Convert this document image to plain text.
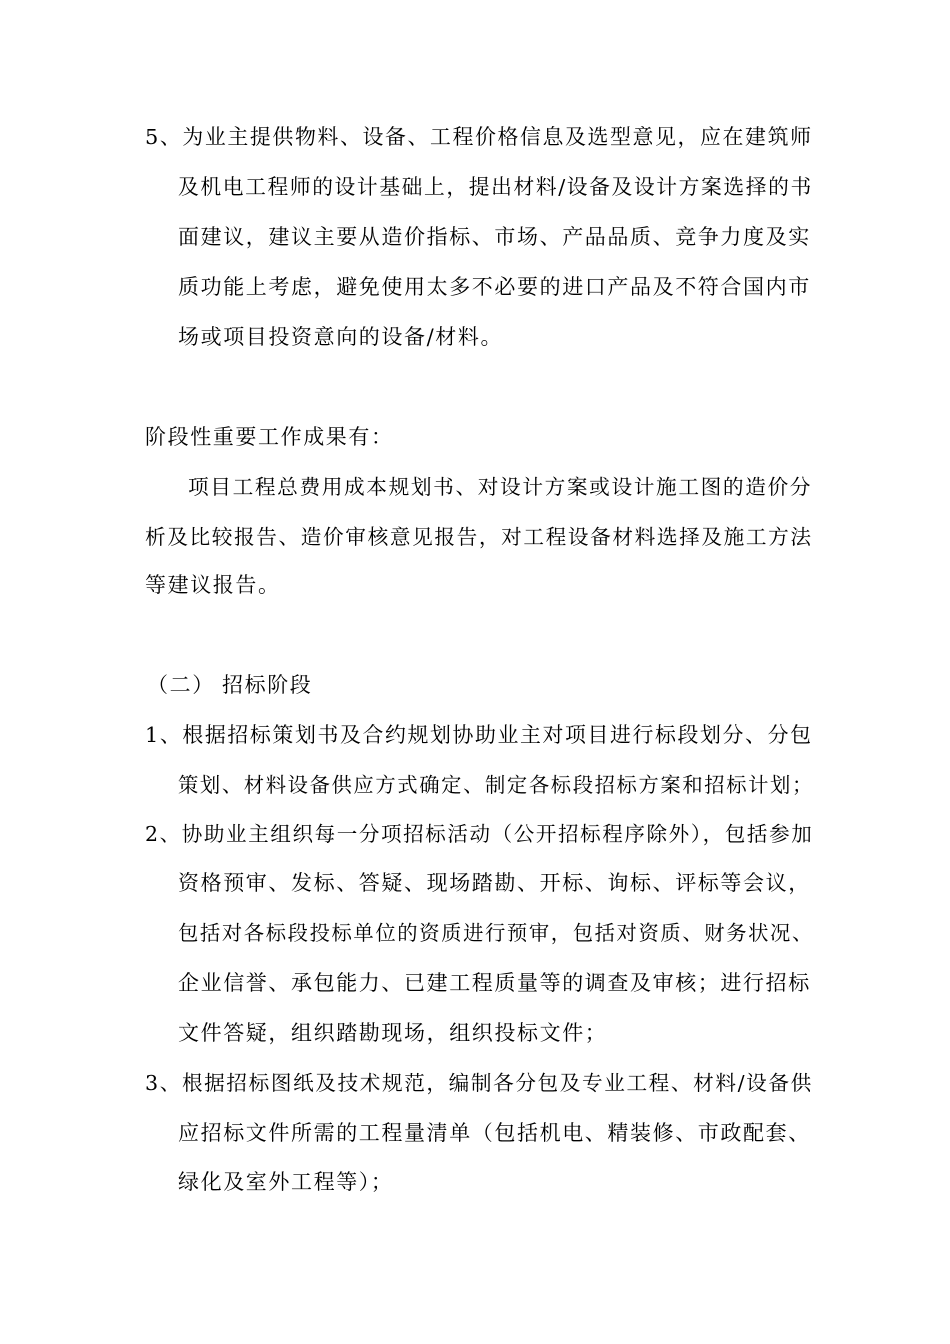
5、为业主提供物料、设备、工程价格信息及选型意见，应在建筑师
及机电工程师的设计基础上，提出材料/设备及设计方案选择的书
面建议，建议主要从造价指标、市场、产品品质、竞争力度及实
质功能上考虑，避免使用太多不必要的进口产品及不符合国内市
场或项目投资意向的设备/材料。
阶段性重要工作成果有：
项目工程总费用成本规划书、对设计方案或设计施工图的造价分
析及比较报告、造价审核意见报告，对工程设备材料选择及施工方法
等建议报告。
（二） 招标阶段
1、根据招标策划书及合约规划协助业主对项目进行标段划分、分包
策划、材料设备供应方式确定、制定各标段招标方案和招标计划；
2、协助业主组织每一分项招标活动（公开招标程序除外），包括参加
资格预审、发标、答疑、现场踏勘、开标、询标、评标等会议，
包括对各标段投标单位的资质进行预审，包括对资质、财务状况、
企业信誉、承包能力、已建工程质量等的调查及审核；进行招标
文件答疑，组织踏勘现场，组织投标文件；
3、根据招标图纸及技术规范，编制各分包及专业工程、材料/设备供
应招标文件所需的工程量清单（包括机电、精装修、市政配套、
绿化及室外工程等）；
